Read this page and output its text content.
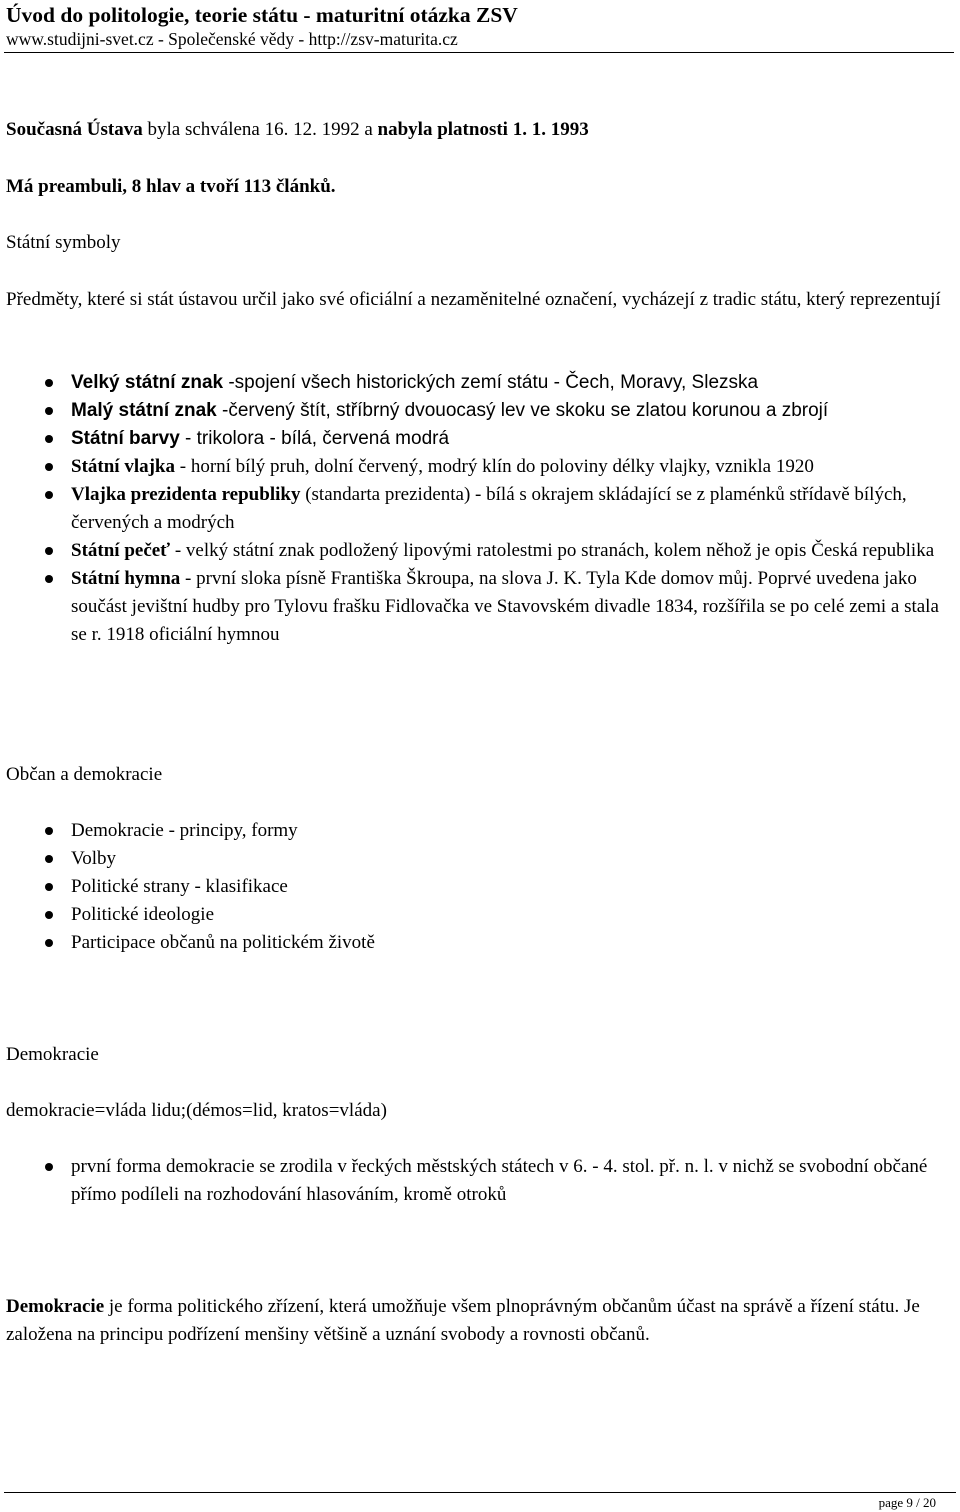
Úvod do politologie, teorie státu - maturitní otázka ZSV

www.studijni-svet.cz - Společenské vědy - http://zsv-maturita.cz

Současná Ústava byla schválena 16. 12. 1992 a nabyla platnosti 1. 1. 1993

Má preambuli, 8 hlav a tvoří 113 článků.

Státní symboly

Předměty, které si stát ústavou určil jako své oficiální a nezaměnitelné označení, vycházejí z tradic státu, který reprezentují

Velký státní znak -spojení všech historických zemí státu - Čech, Moravy, Slezska
Malý státní znak -červený štít, stříbrný dvouocasý lev ve skoku se zlatou korunou a zbrojí
Státní barvy - trikolora - bílá, červená modrá
Státní vlajka - horní bílý pruh, dolní červený, modrý klín do poloviny délky vlajky, vznikla 1920
Vlajka prezidenta republiky (standarta prezidenta) - bílá s okrajem skládající se z plaménků střídavě bílých, červených a modrých
Státní pečeť - velký státní znak podložený lipovými ratolestmi po stranách, kolem něhož je opis Česká republika
Státní hymna - první sloka písně Františka Škroupa, na slova J. K. Tyla Kde domov můj. Poprvé uvedena jako součást jevištní hudby pro Tylovu frašku Fidlovačka ve Stavovském divadle 1834, rozšířila se po celé zemi a stala se r. 1918 oficiální hymnou

Občan a demokracie

Demokracie - principy, formy
Volby
Politické strany - klasifikace
Politické ideologie
Participace občanů na politickém životě

Demokracie

demokracie=vláda lidu;(démos=lid, kratos=vláda)

první forma demokracie se zrodila v řeckých městských státech v 6. - 4. stol. př. n. l. v nichž se svobodní občané přímo podíleli na rozhodování hlasováním, kromě otroků

Demokracie je forma politického zřízení, která umožňuje všem plnoprávným občanům účast na správě a řízení státu. Je založena na principu podřízení menšiny většině a uznání svobody a rovnosti občanů.

page 9 / 20
